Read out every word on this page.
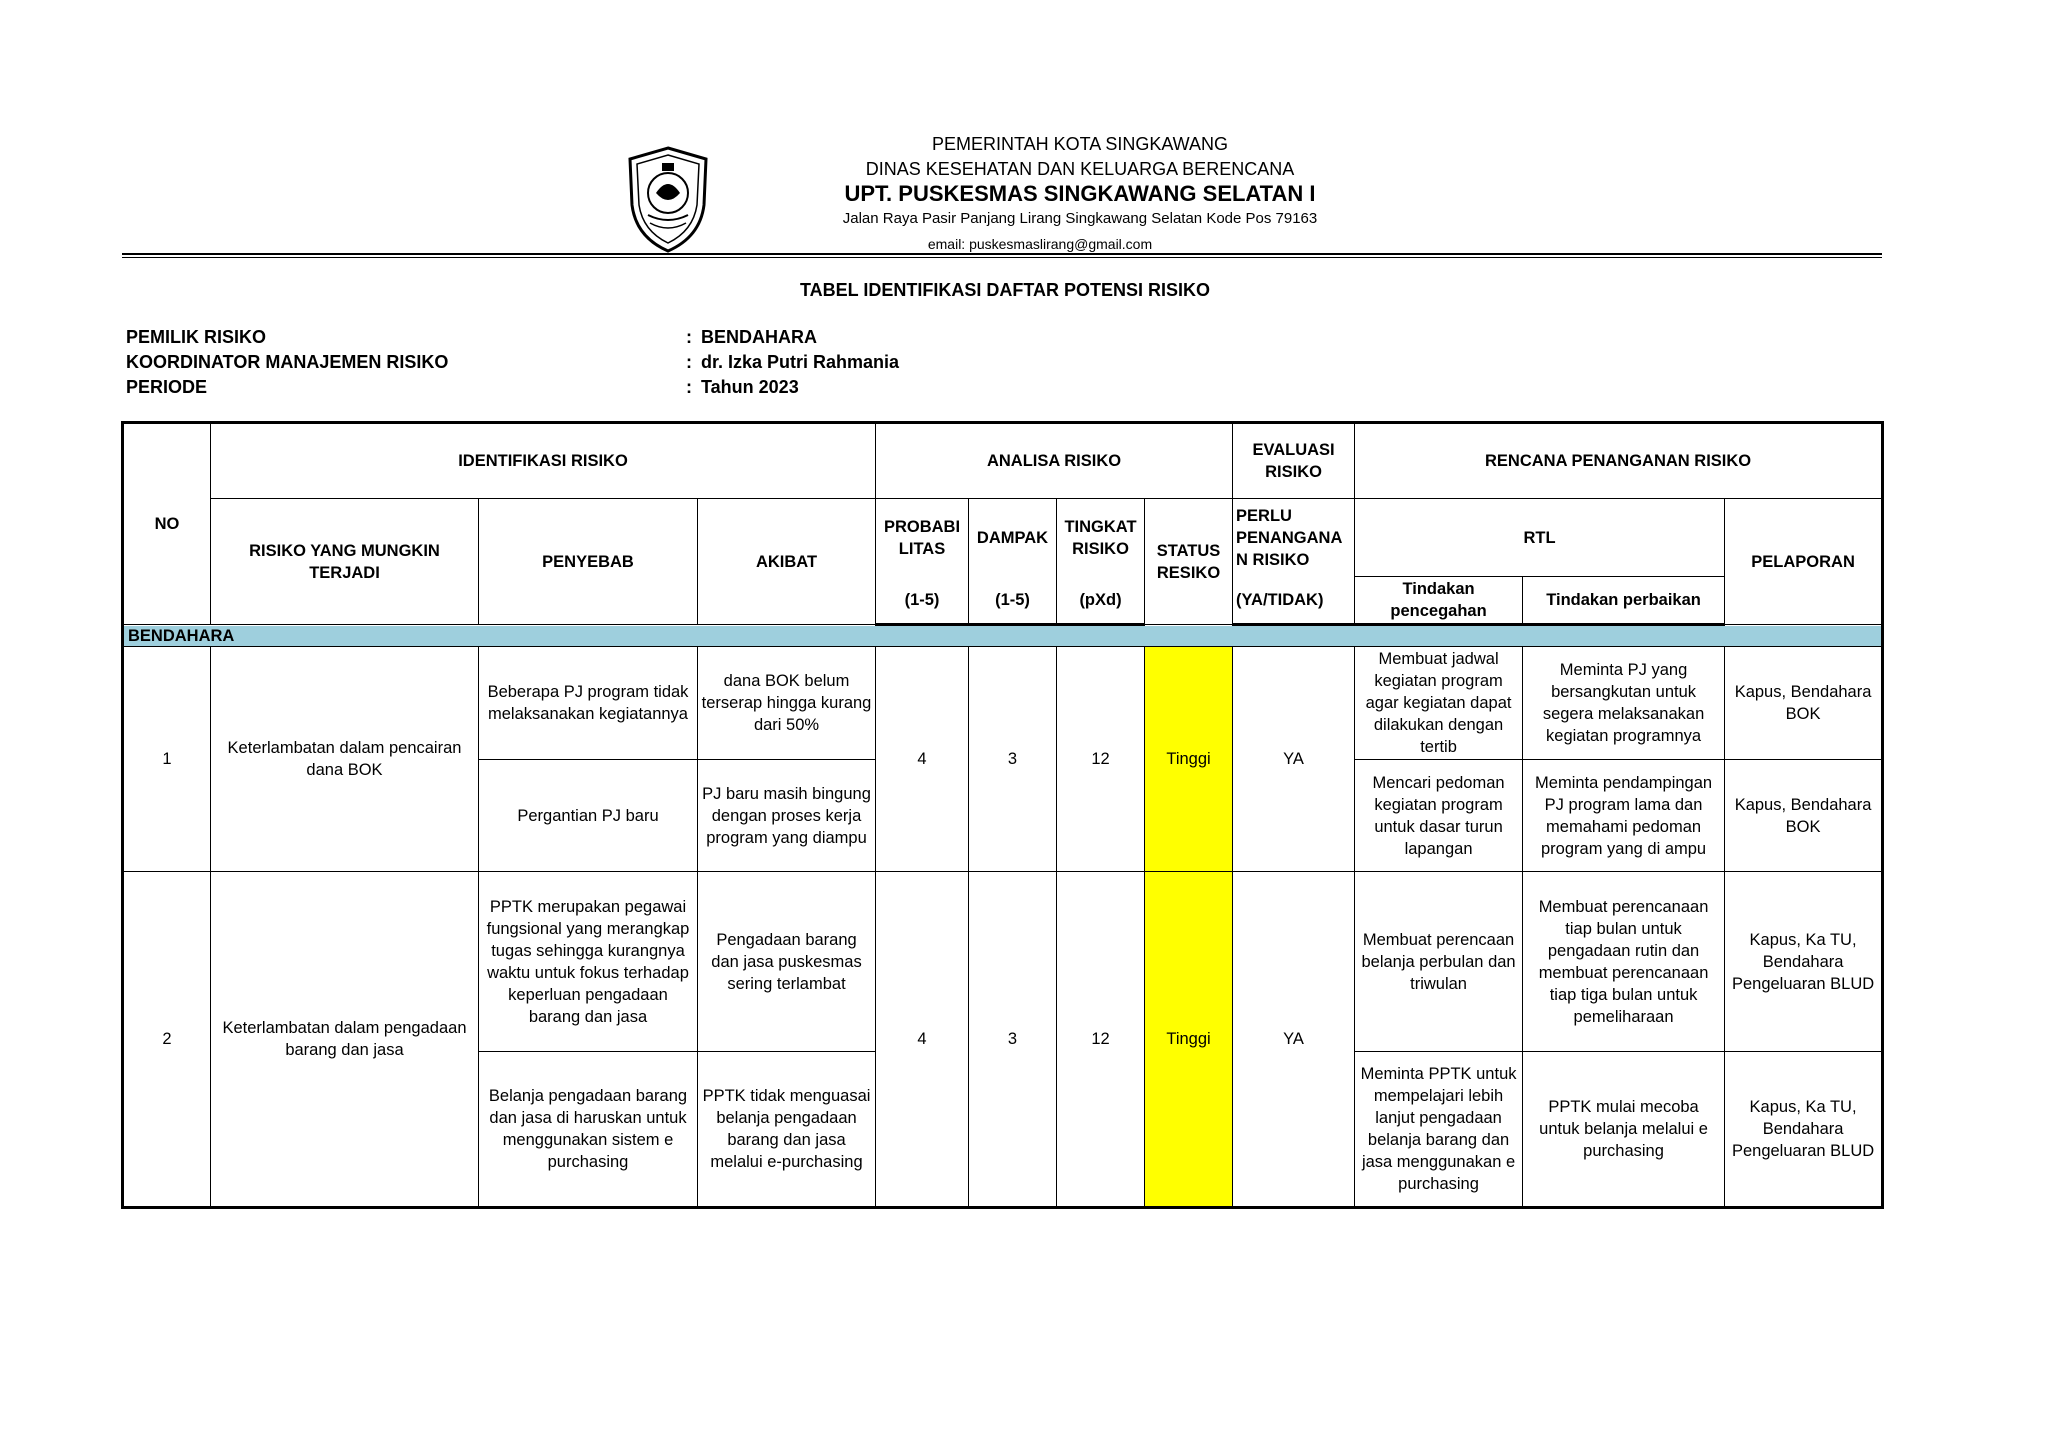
PEMERINTAH KOTA SINGKAWANG
DINAS KESEHATAN DAN KELUARGA BERENCANA
UPT. PUSKESMAS SINGKAWANG SELATAN I
Jalan Raya Pasir Panjang Lirang Singkawang Selatan Kode Pos 79163
email: puskesmaslirang@gmail.com
TABEL IDENTIFIKASI DAFTAR POTENSI RISIKO
PEMILIK RISIKO	: BENDAHARA
KOORDINATOR MANAJEMEN RISIKO	: dr. Izka Putri Rahmania
PERIODE	: Tahun 2023
NO	IDENTIFIKASI RISIKO			ANALISA RISIKO				EVALUASI RISIKO	RENCANA PENANGANAN RISIKO		
	RISIKO YANG MUNGKIN TERJADI	PENYEBAB	AKIBAT	PROBABI LITAS	DAMPAK	TINGKAT RISIKO	STATUS RESIKO	PERLU PENANGANA N RISIKO	RTL		PELAPORAN
				(1-5)	(1-5)	(pXd)		(YA/TIDAK)	Tindakan pencegahan	Tindakan perbaikan	
BENDAHARA											
1	Keterlambatan dalam pencairan dana BOK	Beberapa PJ program tidak melaksanakan kegiatannya	dana BOK belum terserap hingga kurang dari 50%	4	3	12	Tinggi	YA	Membuat jadwal kegiatan program agar kegiatan dapat dilakukan dengan tertib	Meminta PJ yang bersangkutan untuk segera melaksanakan kegiatan programnya	Kapus, Bendahara BOK
		Pergantian PJ baru	PJ baru masih bingung dengan proses kerja program yang diampu						Mencari pedoman kegiatan program untuk dasar turun lapangan	Meminta pendampingan PJ program lama dan memahami pedoman program yang di ampu	Kapus, Bendahara BOK
2	Keterlambatan dalam pengadaan barang dan jasa	PPTK merupakan pegawai fungsional yang merangkap tugas sehingga kurangnya waktu untuk fokus terhadap keperluan pengadaan barang dan jasa	Pengadaan barang dan jasa puskesmas sering terlambat	4	3	12	Tinggi	YA	Membuat perencaan belanja perbulan dan triwulan	Membuat perencanaan tiap bulan untuk pengadaan rutin dan membuat perencanaan tiap tiga bulan untuk pemeliharaan	Kapus, Ka TU, Bendahara Pengeluaran BLUD
		Belanja pengadaan barang dan jasa di haruskan untuk menggunakan sistem e purchasing	PPTK tidak menguasai belanja pengadaan barang dan jasa melalui e-purchasing						Meminta PPTK untuk mempelajari lebih lanjut pengadaan belanja barang dan jasa menggunakan e purchasing	PPTK mulai mecoba untuk belanja melalui e purchasing	Kapus, Ka TU, Bendahara Pengeluaran BLUD
